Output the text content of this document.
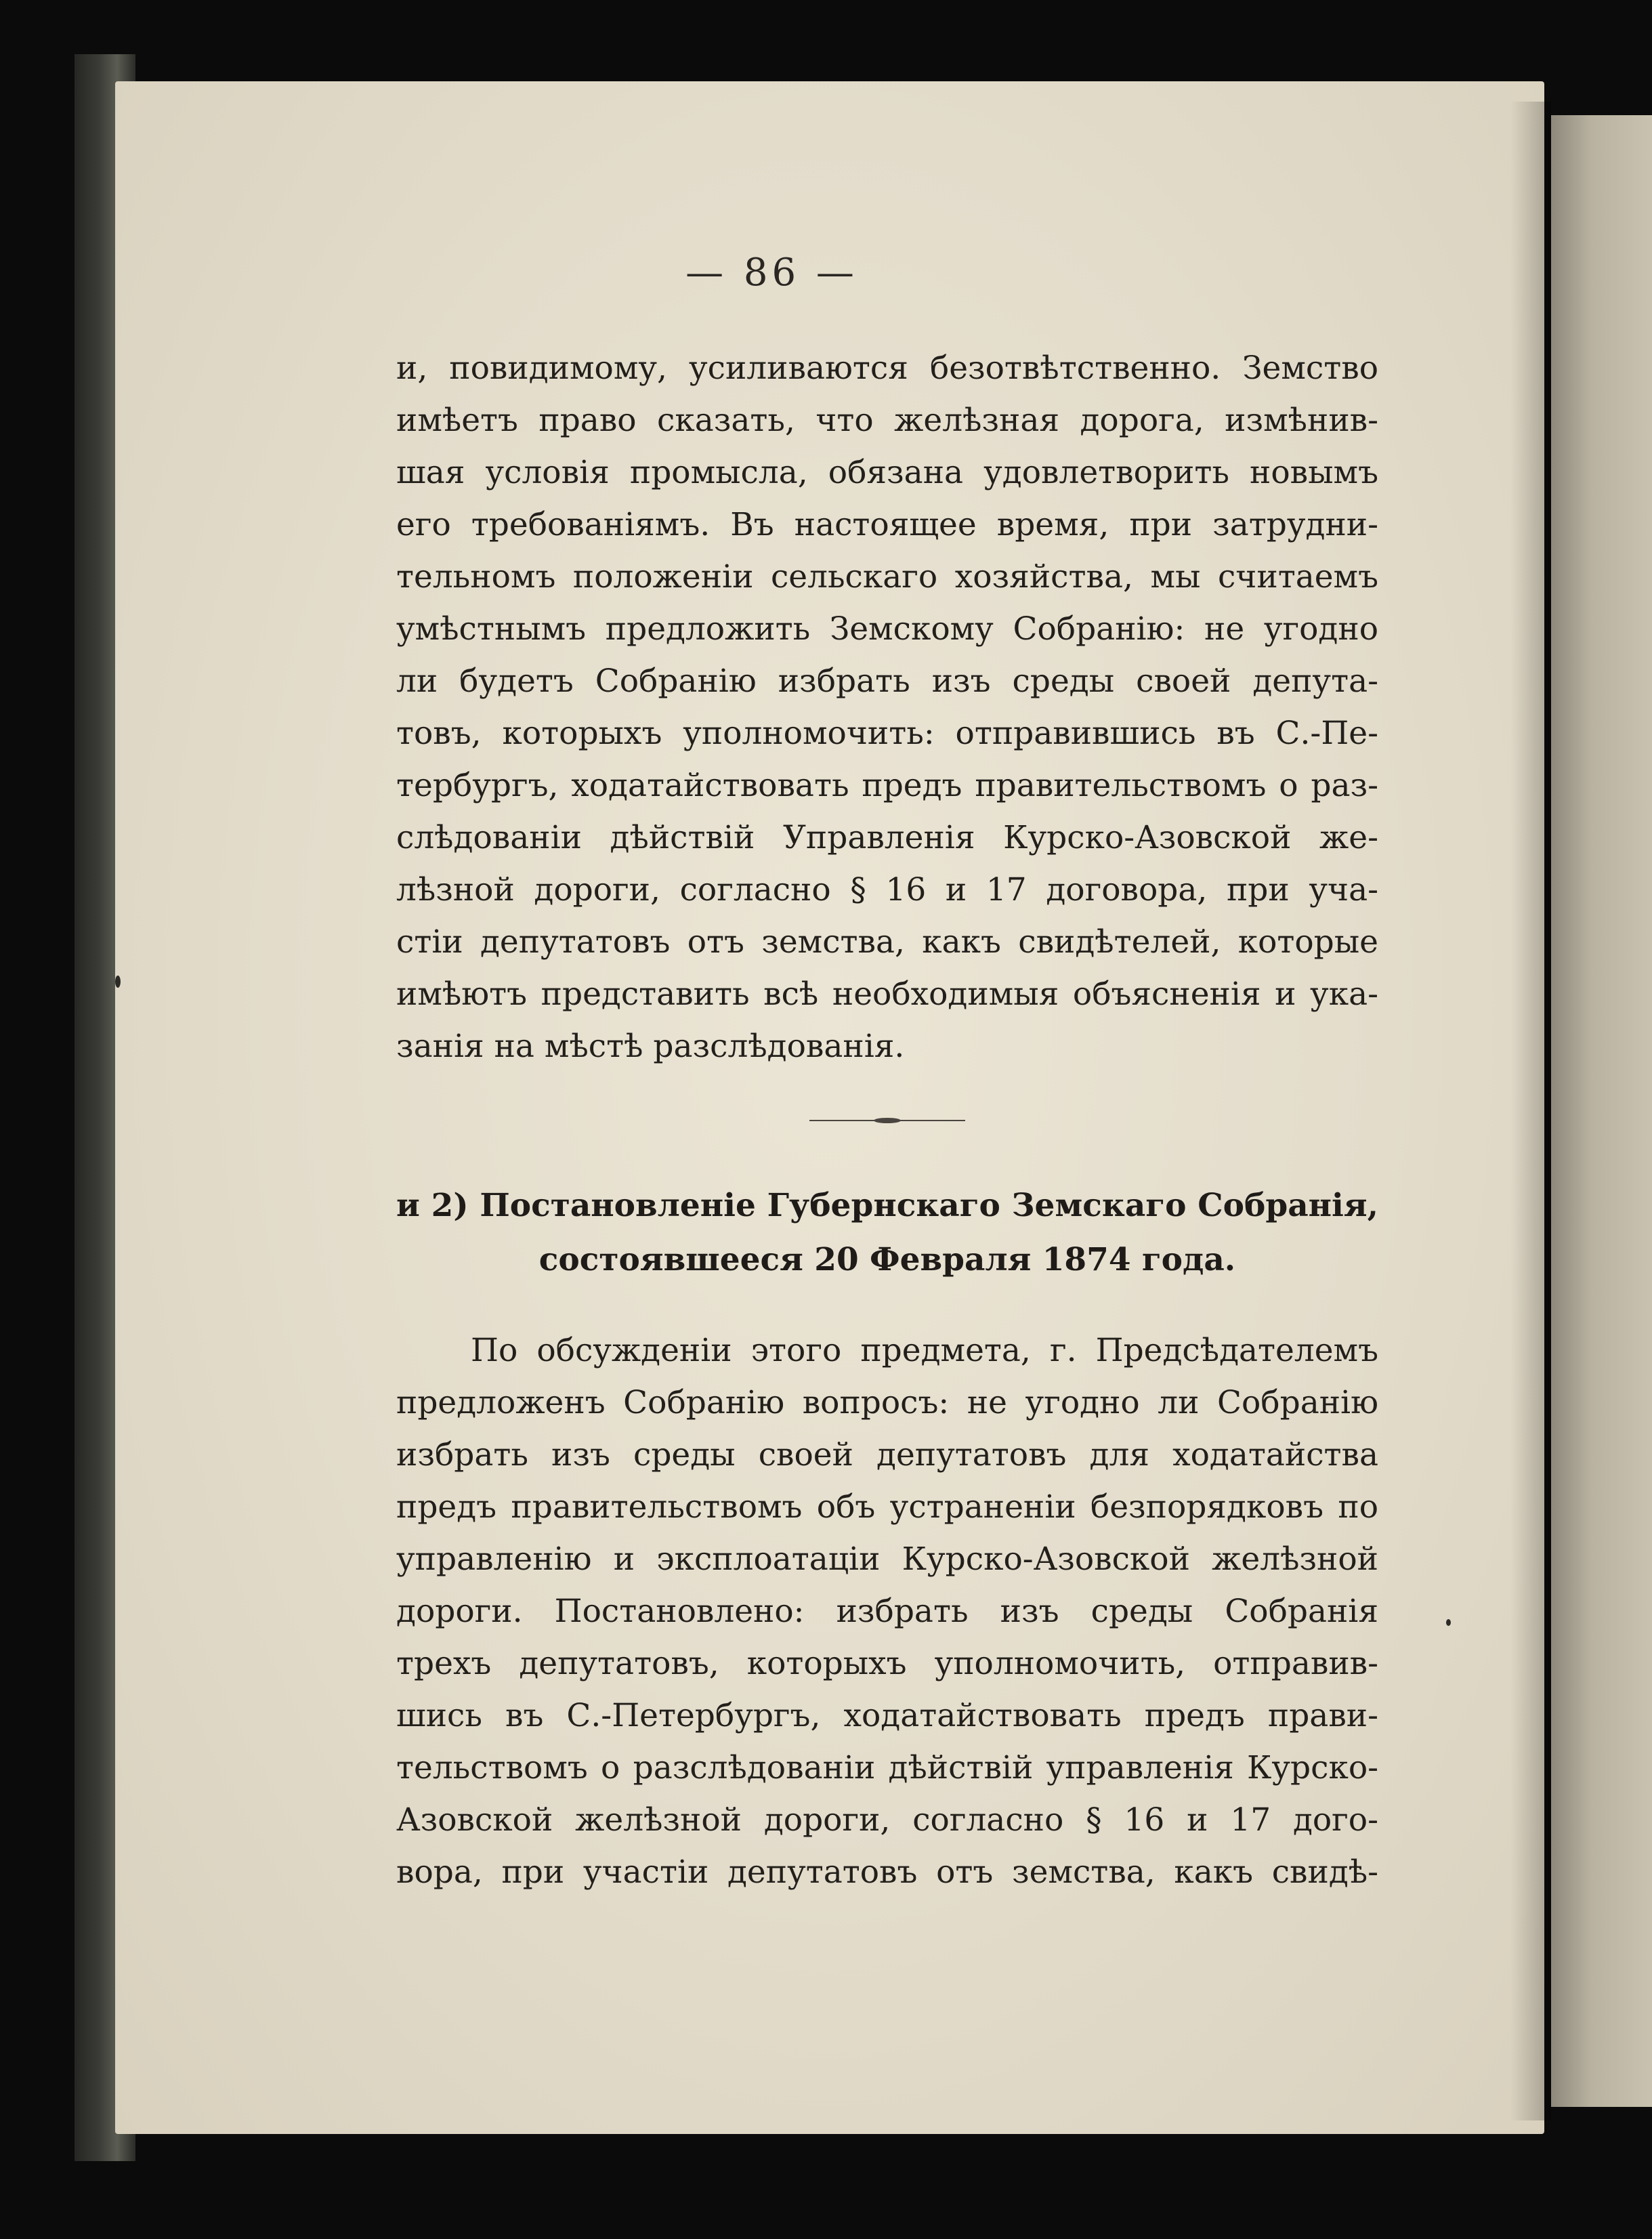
— 86 —
и, повидимому, усиливаются безотвѣтственно. Земство
имѣетъ право сказать, что желѣзная дорога, измѣнив-
шая условія промысла, обязана удовлетворить новымъ
его требованіямъ. Въ настоящее время, при затрудни-
тельномъ положеніи сельскаго хозяйства, мы считаемъ
умѣстнымъ предложить Земскому Собранію: не угодно
ли будетъ Собранію избрать изъ среды своей депута-
товъ, которыхъ уполномочить: отправившись въ С.-Пе-
тербургъ, ходатайствовать предъ правительствомъ о раз-
слѣдованіи дѣйствій Управленія Курско-Азовской же-
лѣзной дороги, согласно § 16 и 17 договора, при уча-
стіи депутатовъ отъ земства, какъ свидѣтелей, которые
имѣютъ представить всѣ необходимыя объясненія и ука-
занія на мѣстѣ разслѣдованія.
и 2) Постановленіе Губернскаго Земскаго Собранія,
состоявшееся 20 Февраля 1874 года.
По обсужденіи этого предмета, г. Предсѣдателемъ
предложенъ Собранію вопросъ: не угодно ли Собранію
избрать изъ среды своей депутатовъ для ходатайства
предъ правительствомъ объ устраненіи безпорядковъ по
управленію и эксплоатаціи Курско-Азовской желѣзной
дороги. Постановлено: избрать изъ среды Собранія
трехъ депутатовъ, которыхъ уполномочить, отправив-
шись въ С.-Петербургъ, ходатайствовать предъ прави-
тельствомъ о разслѣдованіи дѣйствій управленія Курско-
Азовской желѣзной дороги, согласно § 16 и 17 дого-
вора, при участіи депутатовъ отъ земства, какъ свидѣ-
